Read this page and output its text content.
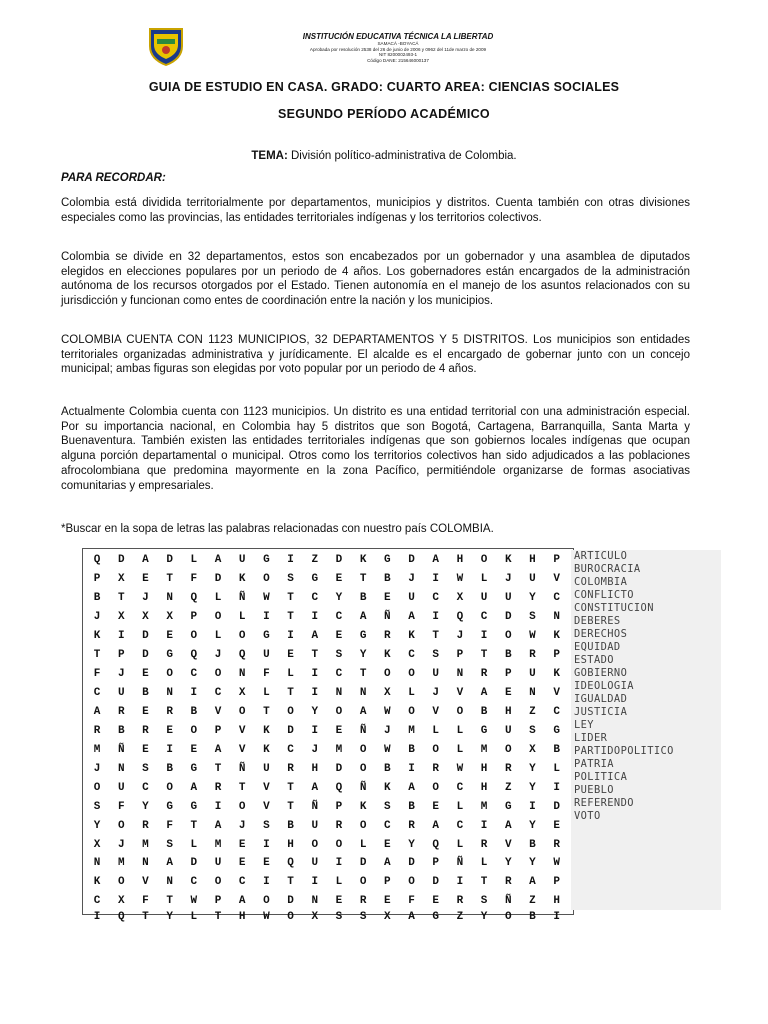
INSTITUCIÓN EDUCATIVA TÉCNICA LA LIBERTAD
SAMACÁ -BOYACÁ
Aprobada por resolución 2538 del 26 de junio de 2006 y 0962 del 11de marzo de 2009
NIT 8200002493-1
Código DANE: 215646000137
GUIA DE ESTUDIO EN CASA. GRADO: CUARTO AREA: CIENCIAS SOCIALES
SEGUNDO PERÍODO ACADÉMICO
TEMA: División político-administrativa de Colombia.
PARA RECORDAR:
Colombia está dividida territorialmente por departamentos, municipios y distritos. Cuenta también con otras divisiones especiales como las provincias, las entidades territoriales indígenas y los territorios colectivos.
Colombia se divide en 32 departamentos, estos son encabezados por un gobernador y una asamblea de diputados elegidos en elecciones populares por un periodo de 4 años. Los gobernadores están encargados de la administración autónoma de los recursos otorgados por el Estado. Tienen autonomía en el manejo de los asuntos relacionados con su jurisdicción y funcionan como entes de coordinación entre la nación y los municipios.
COLOMBIA CUENTA CON 1123 MUNICIPIOS, 32 DEPARTAMENTOS Y 5 DISTRITOS. Los municipios son entidades territoriales organizadas administrativa y jurídicamente. El alcalde es el encargado de gobernar junto con un concejo municipal; ambas figuras son elegidas por voto popular por un periodo de 4 años.
Actualmente Colombia cuenta con 1123 municipios. Un distrito es una entidad territorial con una administración especial. Por su importancia nacional, en Colombia hay 5 distritos que son Bogotá, Cartagena, Barranquilla, Santa Marta y Buenaventura. También existen las entidades territoriales indígenas que son gobiernos locales indígenas que ocupan alguna porción departamental o municipal. Otros como los territorios colectivos han sido adjudicados a las poblaciones afrocolombiana que predomina mayormente en la zona Pacífico, permitiéndole organizarse de formas asociativas comunitarias y empresariales.
*Buscar en la sopa de letras las palabras relacionadas con nuestro país COLOMBIA.
Q	D	A	D	L	A	U	G	I	Z	D	K	G	D	A	H	O	K	H	P
P	X	E	T	F	D	K	O	S	G	E	T	B	J	I	W	L	J	U	V
B	T	J	N	Q	L	Ñ	W	T	C	Y	B	E	U	C	X	U	U	Y	C
J	X	X	X	P	O	L	I	T	I	C	A	Ñ	A	I	Q	C	D	S	N
K	I	D	E	O	L	O	G	I	A	E	G	R	K	T	J	I	O	W	K
T	P	D	G	Q	J	Q	U	E	T	S	Y	K	C	S	P	T	B	R	P
F	J	E	O	C	O	N	F	L	I	C	T	O	O	U	N	R	P	U	K
C	U	B	N	I	C	X	L	T	I	N	N	X	L	J	V	A	E	N	V
A	R	E	R	B	V	O	T	O	Y	O	A	W	O	V	O	B	H	Z	C
R	B	R	E	O	P	V	K	D	I	E	Ñ	J	M	L	L	G	U	S	G
M	Ñ	E	I	E	A	V	K	C	J	M	O	W	B	O	L	M	O	X	B
J	N	S	B	G	T	Ñ	U	R	H	D	O	B	I	R	W	H	R	Y	L
O	U	C	O	A	R	T	V	T	A	Q	Ñ	K	A	O	C	H	Z	Y	I
S	F	Y	G	G	I	O	V	T	Ñ	P	K	S	B	E	L	M	G	I	D
Y	O	R	F	T	A	J	S	B	U	R	O	C	R	A	C	I	A	Y	E
X	J	M	S	L	M	E	I	H	O	O	L	E	Y	Q	L	R	V	B	R
N	M	N	A	D	U	E	E	Q	U	I	D	A	D	P	Ñ	L	Y	Y	W
K	O	V	N	C	O	C	I	T	I	L	O	P	O	D	I	T	R	A	P
C	X	F	T	W	P	A	O	D	N	E	R	E	F	E	R	S	Ñ	Z	H
I	Q	T	Y	L	T	H	W	O	X	S	S	X	A	G	Z	Y	O	B	I
ARTICULO
BUROCRACIA
COLOMBIA
CONFLICTO
CONSTITUCION
DEBERES
DERECHOS
EQUIDAD
ESTADO
GOBIERNO
IDEOLOGIA
IGUALDAD
JUSTICIA
LEY
LIDER
PARTIDOPOLITICO
PATRIA
POLITICA
PUEBLO
REFERENDO
VOTO
